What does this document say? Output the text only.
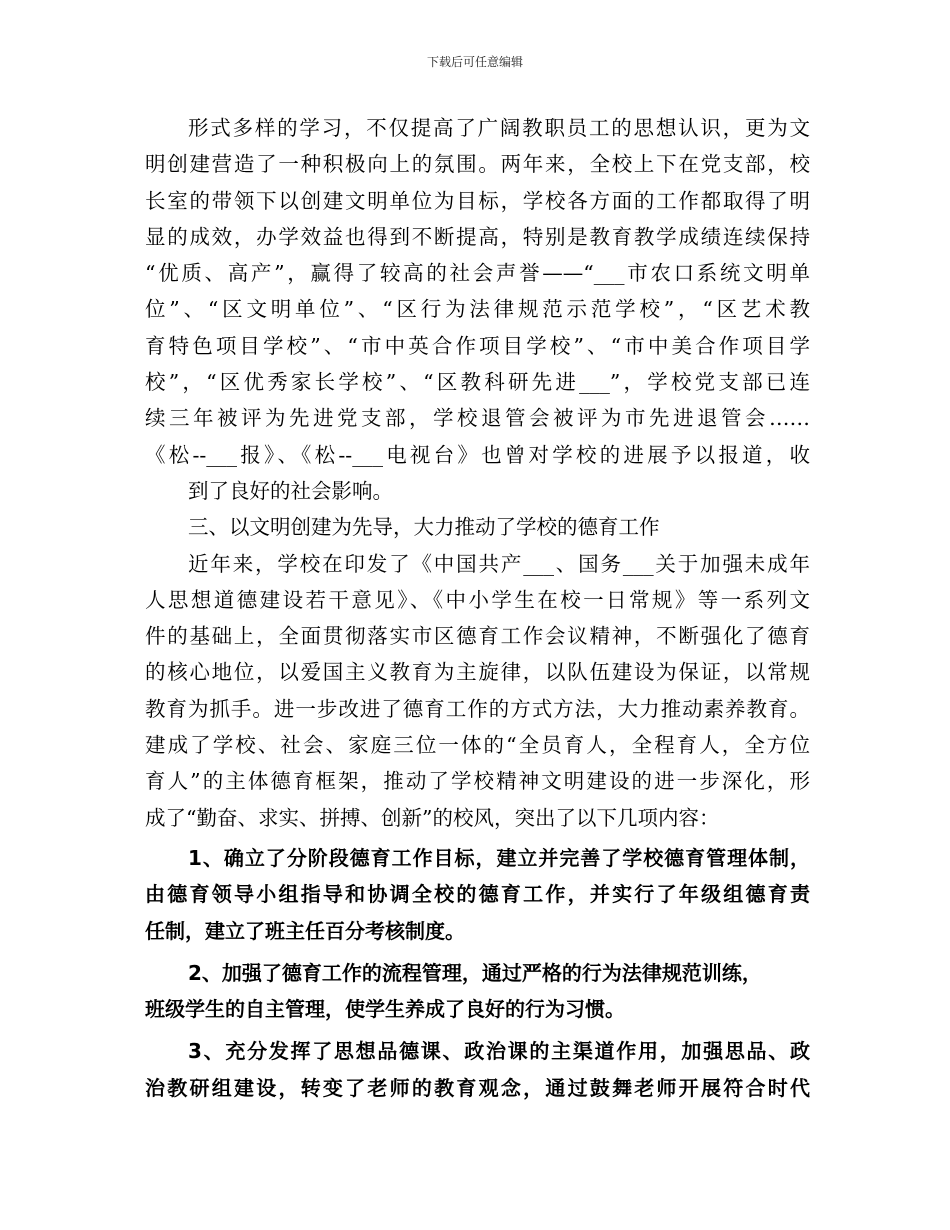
下载后可任意编辑
形式多样的学习，不仅提高了广阔教职员工的思想认识，更为文
明创建营造了一种积极向上的氛围。两年来，全校上下在党支部，校
长室的带领下以创建文明单位为目标，学校各方面的工作都取得了明
显的成效，办学效益也得到不断提高，特别是教育教学成绩连续保持
“优质、高产”，赢得了较高的社会声誉——“___市农口系统文明单
位”、“区文明单位”、“区行为法律规范示范学校”，“区艺术教
育特色项目学校”、“市中英合作项目学校”、“市中美合作项目学
校”，“区优秀家长学校”、“区教科研先进___”，学校党支部已连
续三年被评为先进党支部，学校退管会被评为市先进退管会……
《松--___报》、《松--___电视台》也曾对学校的进展予以报道，收
到了良好的社会影响。
三、以文明创建为先导，大力推动了学校的德育工作
近年来，学校在印发了《中国共产___、国务___关于加强未成年
人思想道德建设若干意见》、《中小学生在校一日常规》等一系列文
件的基础上，全面贯彻落实市区德育工作会议精神，不断强化了德育
的核心地位，以爱国主义教育为主旋律，以队伍建设为保证，以常规
教育为抓手。进一步改进了德育工作的方式方法，大力推动素养教育。
建成了学校、社会、家庭三位一体的“全员育人，全程育人，全方位
育人”的主体德育框架，推动了学校精神文明建设的进一步深化，形
成了“勤奋、求实、拼搏、创新”的校风，突出了以下几项内容：
1、确立了分阶段德育工作目标，建立并完善了学校德育管理体制，
由德育领导小组指导和协调全校的德育工作，并实行了年级组德育责
任制，建立了班主任百分考核制度。
2、加强了德育工作的流程管理，通过严格的行为法律规范训练，
班级学生的自主管理，使学生养成了良好的行为习惯。
3、充分发挥了思想品德课、政治课的主渠道作用，加强思品、政
治教研组建设，转变了老师的教育观念，通过鼓舞老师开展符合时代
